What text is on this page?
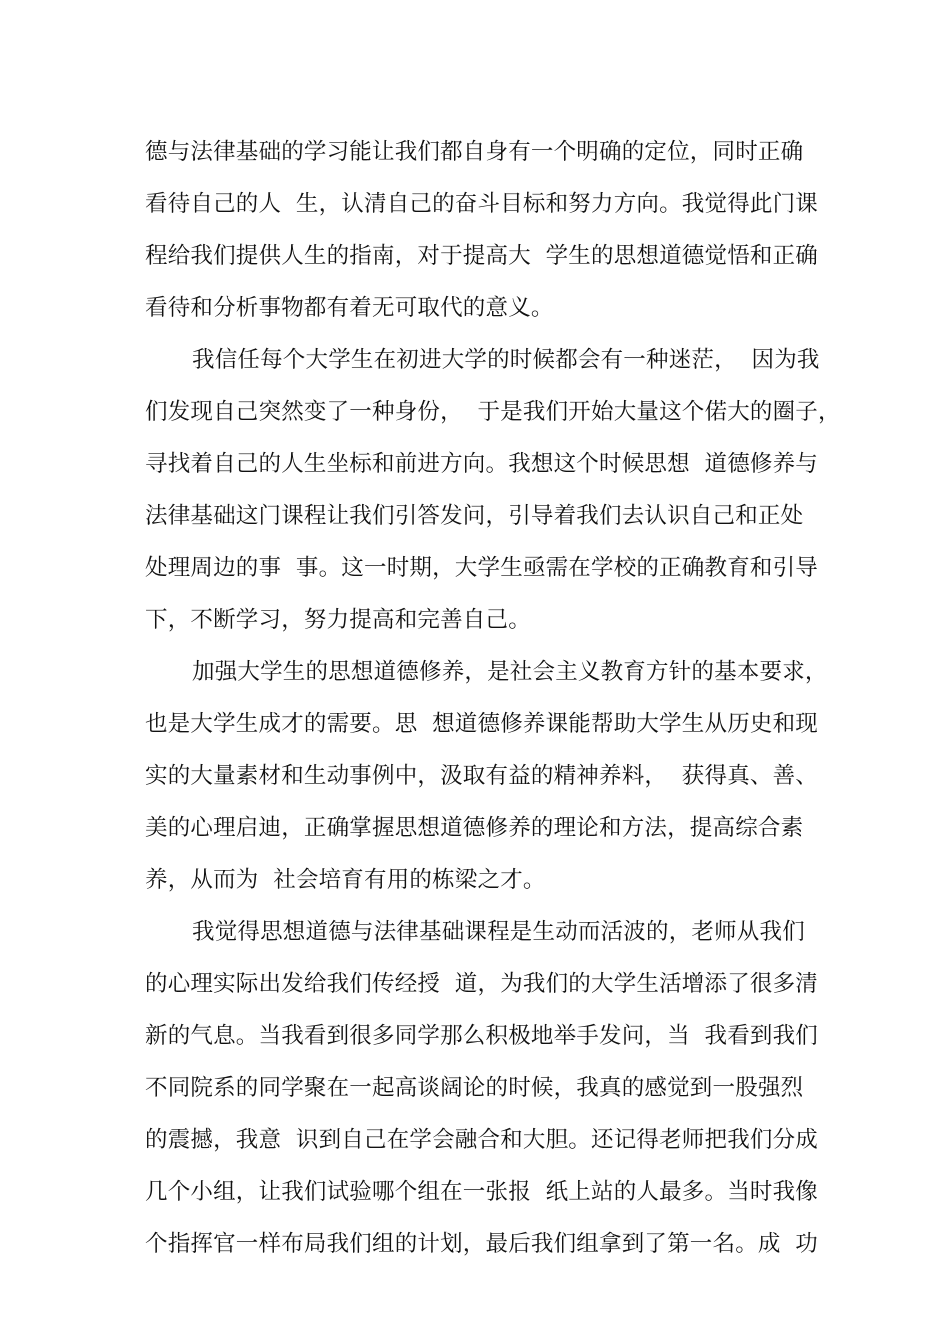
德与法律基础的学习能让我们都自身有一个明确的定位，同时正确
看待自己的人  生，认清自己的奋斗目标和努力方向。我觉得此门课
程给我们提供人生的指南，对于提高大  学生的思想道德觉悟和正确
看待和分析事物都有着无可取代的意义。
我信任每个大学生在初进大学的时候都会有一种迷茫，  因为我
们发现自己突然变了一种身份，  于是我们开始大量这个偌大的圈子，
寻找着自己的人生坐标和前进方向。我想这个时候思想  道德修养与
法律基础这门课程让我们引答发问，引导着我们去认识自己和正处
处理周边的事  事。这一时期，大学生亟需在学校的正确教育和引导
下，不断学习，努力提高和完善自己。
加强大学生的思想道德修养，是社会主义教育方针的基本要求，
也是大学生成才的需要。思  想道德修养课能帮助大学生从历史和现
实的大量素材和生动事例中，汲取有益的精神养料，  获得真、善、
美的心理启迪，正确掌握思想道德修养的理论和方法，提高综合素
养，从而为  社会培育有用的栋梁之才。
我觉得思想道德与法律基础课程是生动而活波的，老师从我们
的心理实际出发给我们传经授  道，为我们的大学生活增添了很多清
新的气息。当我看到很多同学那么积极地举手发问，当  我看到我们
不同院系的同学聚在一起高谈阔论的时候，我真的感觉到一股强烈
的震撼，我意  识到自己在学会融合和大胆。还记得老师把我们分成
几个小组，让我们试验哪个组在一张报  纸上站的人最多。当时我像
个指挥官一样布局我们组的计划，最后我们组拿到了第一名。成  功
